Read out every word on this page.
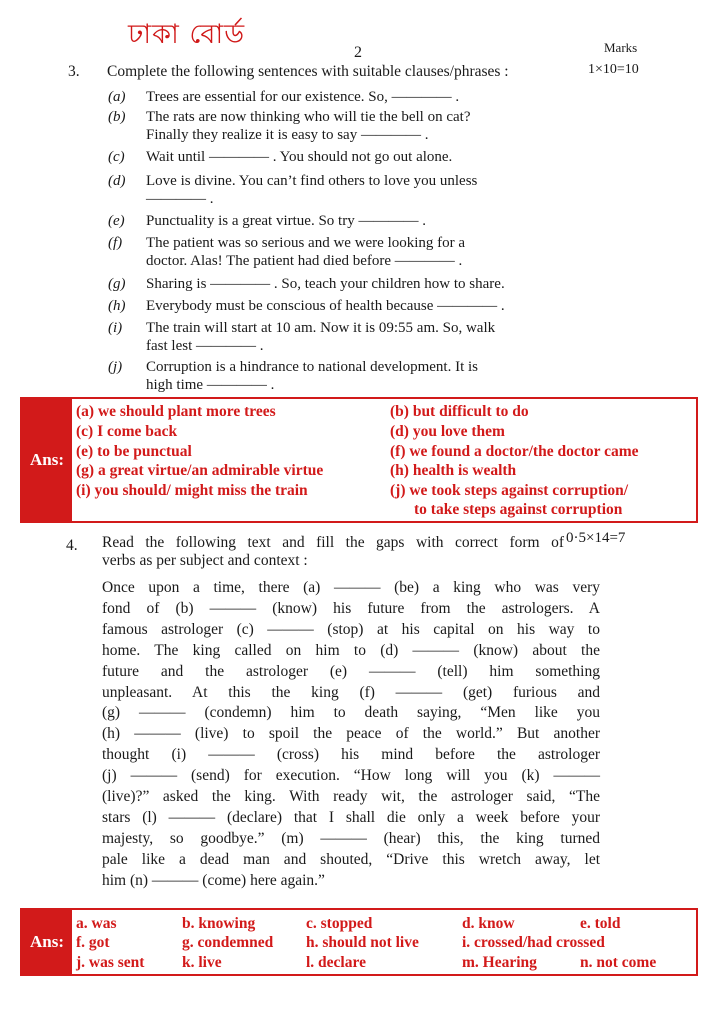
ঢাকা বোর্ড
2	Marks
3. Complete the following sentences with suitable clauses/phrases :	1×10=10
(a) Trees are essential for our existence. So, ———— .
(b) The rats are now thinking who will tie the bell on cat?
Finally they realize it is easy to say ———— .
(c) Wait until ———— . You should not go out alone.
(d) Love is divine. You can’t find others to love you unless
———— .
(e) Punctuality is a great virtue. So try ———— .
(f) The patient was so serious and we were looking for a
doctor. Alas! The patient had died before ———— .
(g) Sharing is ———— . So, teach your children how to share.
(h) Everybody must be conscious of health because ———— .
(i) The train will start at 10 am. Now it is 09:55 am. So, walk
fast lest ———— .
(j) Corruption is a hindrance to national development. It is
high time ———— .
Ans:
(a) we should plant more trees	(b) but difficult to do
(c) I come back	(d) you love them
(e) to be punctual	(f) we found a doctor/the doctor came
(g) a great virtue/an admirable virtue	(h) health is wealth
(i) you should/ might miss the train	(j) we took steps against corruption/
to take steps against corruption
4. Read the following text and fill the gaps with correct form of
verbs as per subject and context :
0·5×14=7
Once upon a time, there (a) ——— (be) a king who was very
fond of (b) ——— (know) his future from the astrologers. A
famous astrologer (c) ——— (stop) at his capital on his way to
home. The king called on him to (d) ——— (know) about the
future and the astrologer (e) ——— (tell) him something
unpleasant. At this the king (f) ——— (get) furious and
(g) ——— (condemn) him to death saying, “Men like you
(h) ——— (live) to spoil the peace of the world.” But another
thought (i) ——— (cross) his mind before the astrologer
(j) ——— (send) for execution. “How long will you (k) ———
(live)?” asked the king. With ready wit, the astrologer said, “The
stars (l) ——— (declare) that I shall die only a week before your
majesty, so goodbye.” (m) ——— (hear) this, the king turned
pale like a dead man and shouted, “Drive this wretch away, let
him (n) ——— (come) here again.”
Ans:
a. was	b. knowing	c. stopped	d. know	e. told
f. got	g. condemned h. should not live	i. crossed/had crossed
j. was sent k. live	l. declare	m. Hearing	n. not come
